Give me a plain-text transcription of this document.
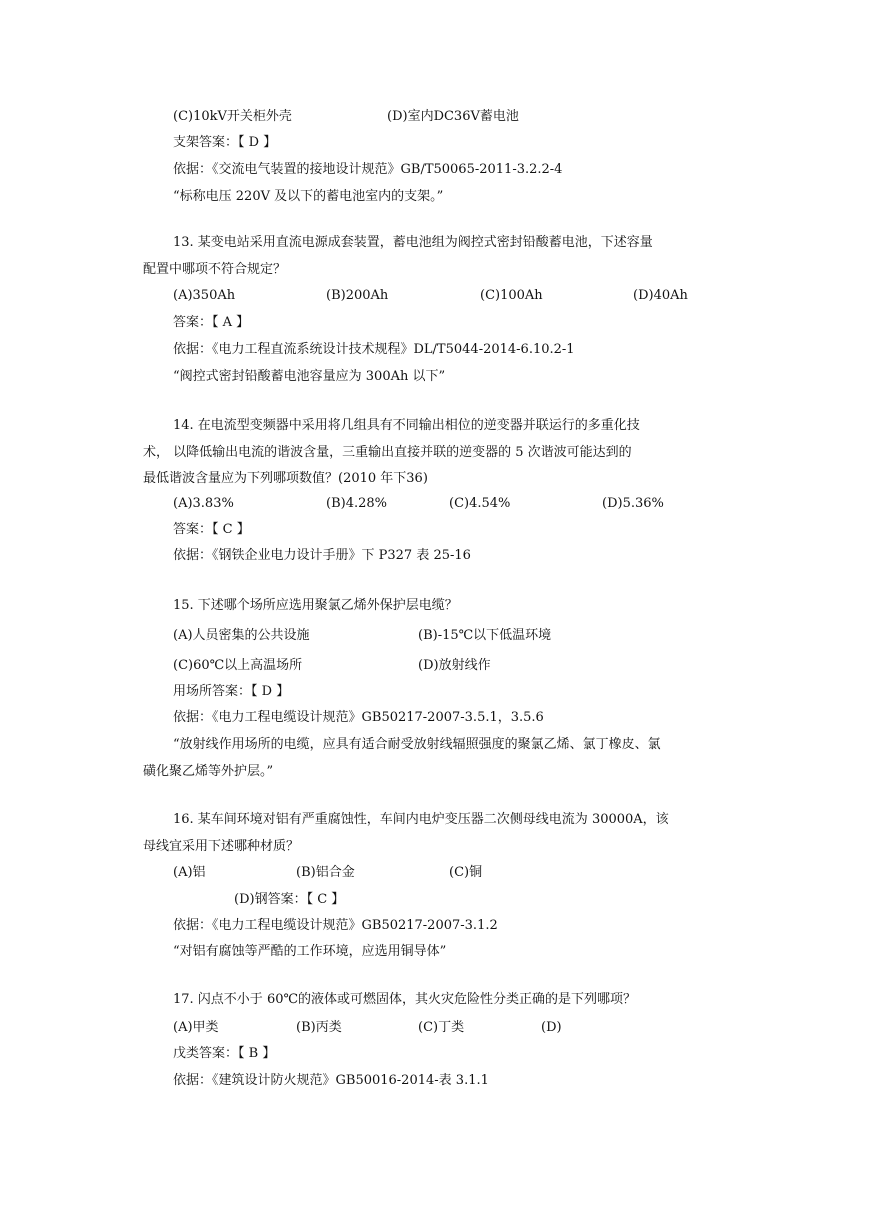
(C)10kV开关柜外壳	(D)室内DC36V蓄电池
支架答案：【 D 】
依据：《交流电气装置的接地设计规范》GB/T50065-2011-3.2.2-4
“标称电压 220V 及以下的蓄电池室内的支架。”
13. 某变电站采用直流电源成套装置，蓄电池组为阀控式密封铅酸蓄电池，下述容量
配置中哪项不符合规定？
(A)350Ah	(B)200Ah	(C)100Ah	(D)40Ah
答案：【 A 】
依据：《电力工程直流系统设计技术规程》DL/T5044-2014-6.10.2-1
“阀控式密封铅酸蓄电池容量应为 300Ah 以下”
14. 在电流型变频器中采用将几组具有不同输出相位的逆变器并联运行的多重化技
术， 以降低输出电流的谐波含量，三重输出直接并联的逆变器的 5 次谐波可能达到的
最低谐波含量应为下列哪项数值？(2010 年下36)
(A)3.83%	(B)4.28%	(C)4.54%	(D)5.36%
答案：【 C 】
依据：《钢铁企业电力设计手册》下 P327 表 25-16
15. 下述哪个场所应选用聚氯乙烯外保护层电缆？
(A)人员密集的公共设施	(B)-15℃以下低温环境
(C)60℃以上高温场所	(D)放射线作
用场所答案：【 D 】
依据：《电力工程电缆设计规范》GB50217-2007-3.5.1，3.5.6
“放射线作用场所的电缆，应具有适合耐受放射线辐照强度的聚氯乙烯、氯丁橡皮、氯
磺化聚乙烯等外护层。”
16. 某车间环境对铝有严重腐蚀性，车间内电炉变压器二次侧母线电流为 30000A，该
母线宜采用下述哪种材质？
(A)铝	(B)铝合金	(C)铜
(D)钢答案：【 C 】
依据：《电力工程电缆设计规范》GB50217-2007-3.1.2
“对铝有腐蚀等严酷的工作环境，应选用铜导体”
17. 闪点不小于 60℃的液体或可燃固体，其火灾危险性分类正确的是下列哪项？
(A)甲类	(B)丙类	(C)丁类	(D)
戊类答案：【 B 】
依据：《建筑设计防火规范》GB50016-2014-表 3.1.1
